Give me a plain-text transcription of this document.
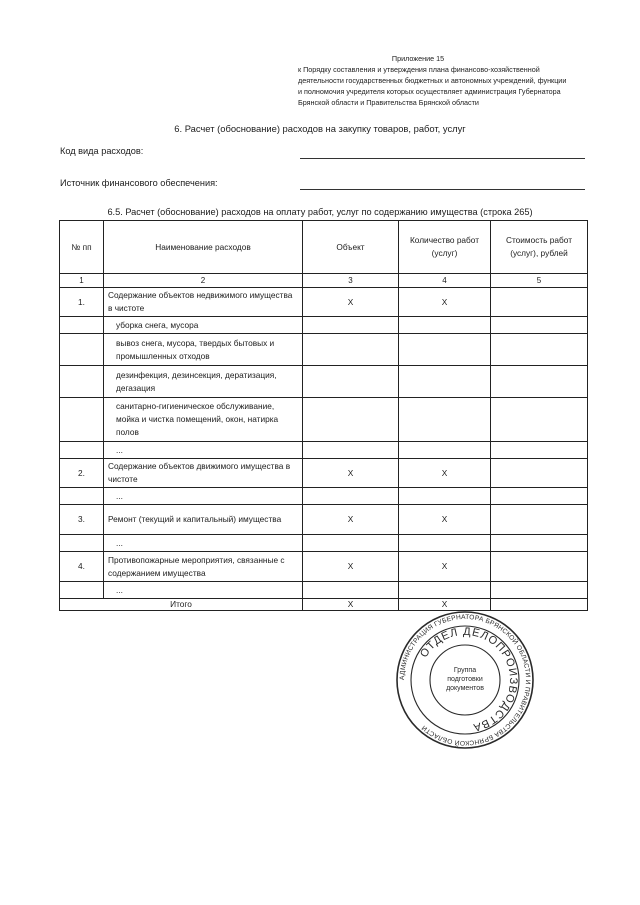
Приложение 15
к Порядку составления и утверждения плана финансово-хозяйственной
деятельности государственных бюджетных и автономных учреждений, функции
и полномочия учредителя которых осуществляет администрация Губернатора
Брянской области и Правительства Брянской области
6. Расчет (обоснование) расходов на закупку товаров, работ, услуг
Код вида расходов:
Источник финансового обеспечения:
6.5. Расчет (обоснование) расходов на оплату работ, услуг по содержанию имущества (строка 265)
№ пп	Наименование расходов	Объект	Количество работ (услуг)	Стоимость работ (услуг), рублей
1	2	3	4	5
1.	Содержание объектов недвижимого имущества в чистоте	X	X	
	уборка снега, мусора			
	вывоз снега, мусора, твердых бытовых и промышленных отходов			
	дезинфекция, дезинсекция, дератизация, дегазация			
	санитарно-гигиеническое обслуживание, мойка и чистка помещений, окон, натирка полов			
	...			
2.	Содержание объектов движимого имущества в чистоте	X	X	
	...			
3.	Ремонт (текущий и капитальный) имущества	X	X	
	...			
4.	Противопожарные мероприятия, связанные с содержанием имущества	X	X	
	...			
Итого		X	X	
АДМИНИСТРАЦИЯ ГУБЕРНАТОРА БРЯНСКОЙ ОБЛАСТИ И ПРАВИТЕЛЬСТВА БРЯНСКОЙ ОБЛАСТИ
ОТДЕЛ ДЕЛОПРОИЗВОДСТВА
Группа
подготовки
документов
